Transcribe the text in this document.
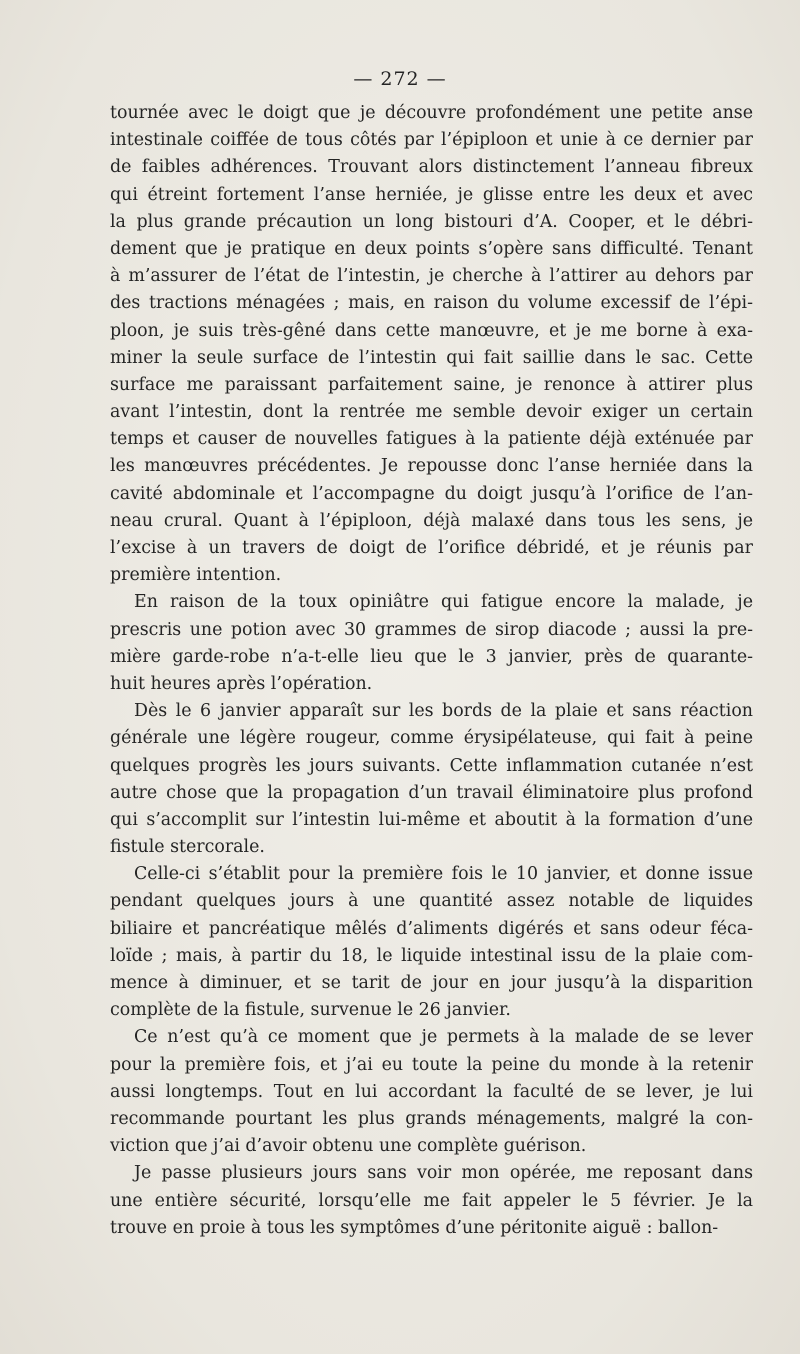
— 272 —
tournée avec le doigt que je découvre profondément une petite anse
intestinale coiffée de tous côtés par l’épiploon et unie à ce dernier par
de faibles adhérences. Trouvant alors distinctement l’anneau fibreux
qui étreint fortement l’anse herniée, je glisse entre les deux et avec
la plus grande précaution un long bistouri d’A. Cooper, et le débri-
dement que je pratique en deux points s’opère sans difficulté. Tenant
à m’assurer de l’état de l’intestin, je cherche à l’attirer au dehors par
des tractions ménagées ; mais, en raison du volume excessif de l’épi-
ploon, je suis très-gêné dans cette manœuvre, et je me borne à exa-
miner la seule surface de l’intestin qui fait saillie dans le sac. Cette
surface me paraissant parfaitement saine, je renonce à attirer plus
avant l’intestin, dont la rentrée me semble devoir exiger un certain
temps et causer de nouvelles fatigues à la patiente déjà exténuée par
les manœuvres précédentes. Je repousse donc l’anse herniée dans la
cavité abdominale et l’accompagne du doigt jusqu’à l’orifice de l’an-
neau crural. Quant à l’épiploon, déjà malaxé dans tous les sens, je
l’excise à un travers de doigt de l’orifice débridé, et je réunis par
première intention.
En raison de la toux opiniâtre qui fatigue encore la malade, je
prescris une potion avec 30 grammes de sirop diacode ; aussi la pre-
mière garde-robe n’a-t-elle lieu que le 3 janvier, près de quarante-
huit heures après l’opération.
Dès le 6 janvier apparaît sur les bords de la plaie et sans réaction
générale une légère rougeur, comme érysipélateuse, qui fait à peine
quelques progrès les jours suivants. Cette inflammation cutanée n’est
autre chose que la propagation d’un travail éliminatoire plus profond
qui s’accomplit sur l’intestin lui-même et aboutit à la formation d’une
fistule stercorale.
Celle-ci s’établit pour la première fois le 10 janvier, et donne issue
pendant quelques jours à une quantité assez notable de liquides
biliaire et pancréatique mêlés d’aliments digérés et sans odeur féca-
loïde ; mais, à partir du 18, le liquide intestinal issu de la plaie com-
mence à diminuer, et se tarit de jour en jour jusqu’à la disparition
complète de la fistule, survenue le 26 janvier.
Ce n’est qu’à ce moment que je permets à la malade de se lever
pour la première fois, et j’ai eu toute la peine du monde à la retenir
aussi longtemps. Tout en lui accordant la faculté de se lever, je lui
recommande pourtant les plus grands ménagements, malgré la con-
viction que j’ai d’avoir obtenu une complète guérison.
Je passe plusieurs jours sans voir mon opérée, me reposant dans
une entière sécurité, lorsqu’elle me fait appeler le 5 février. Je la
trouve en proie à tous les symptômes d’une péritonite aiguë : ballon-
